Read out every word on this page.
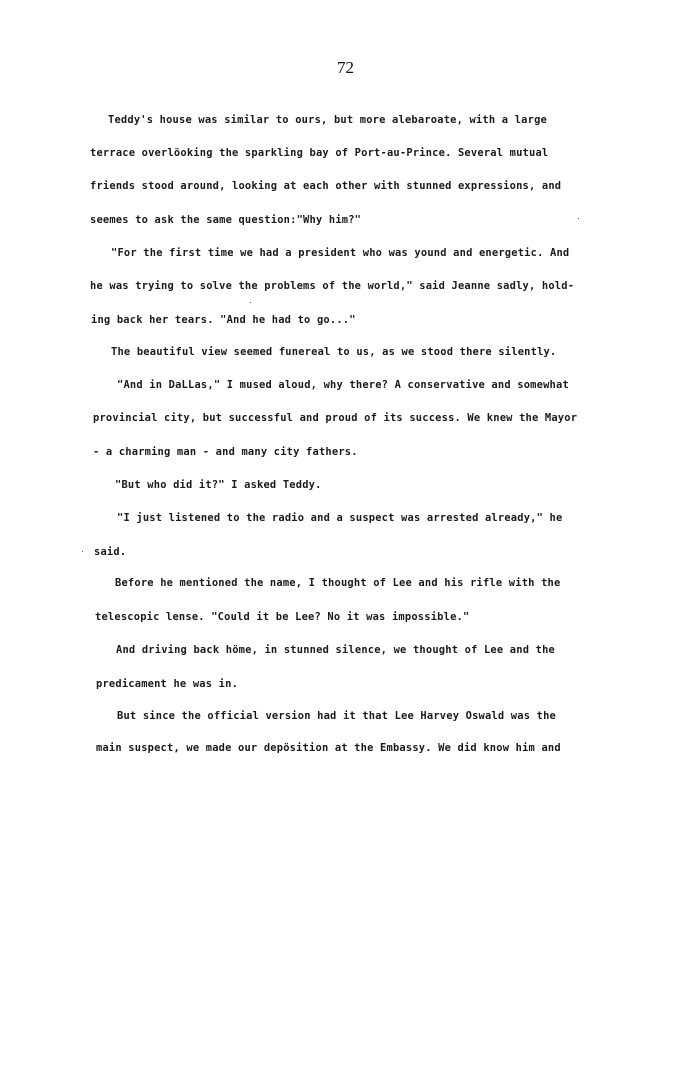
72
Teddy's house was similar to ours, but more alebaroate, with a large
terrace overlöoking the sparkling bay of Port-au-Prince. Several mutual
friends stood around, looking at each other with stunned expressions, and
seemes to ask the same question:"Why him?"
"For the first time we had a president who was yound and energetic. And
he was trying to solve the problems of the world," said Jeanne sadly, hold-
ing back her tears. "And he had to go..."
The beautiful view seemed funereal to us, as we stood there silently.
"And in DaLLas," I mused aloud, why there? A conservative and somewhat
provincial city, but successful and proud of its success. We knew the Mayor
- a charming man - and many city fathers.
"But who did it?" I asked Teddy.
"I just listened to the radio and a suspect was arrested already," he
said.
Before he mentioned the name, I thought of Lee and his rifle with the
telescopic lense. "Could it be Lee? No it was impossible."
And driving back höme, in stunned silence, we thought of Lee and the
predicament he was in.
But since the official version had it that Lee Harvey Oswald was the
main suspect, we made our depösition at the Embassy. We did know him and
